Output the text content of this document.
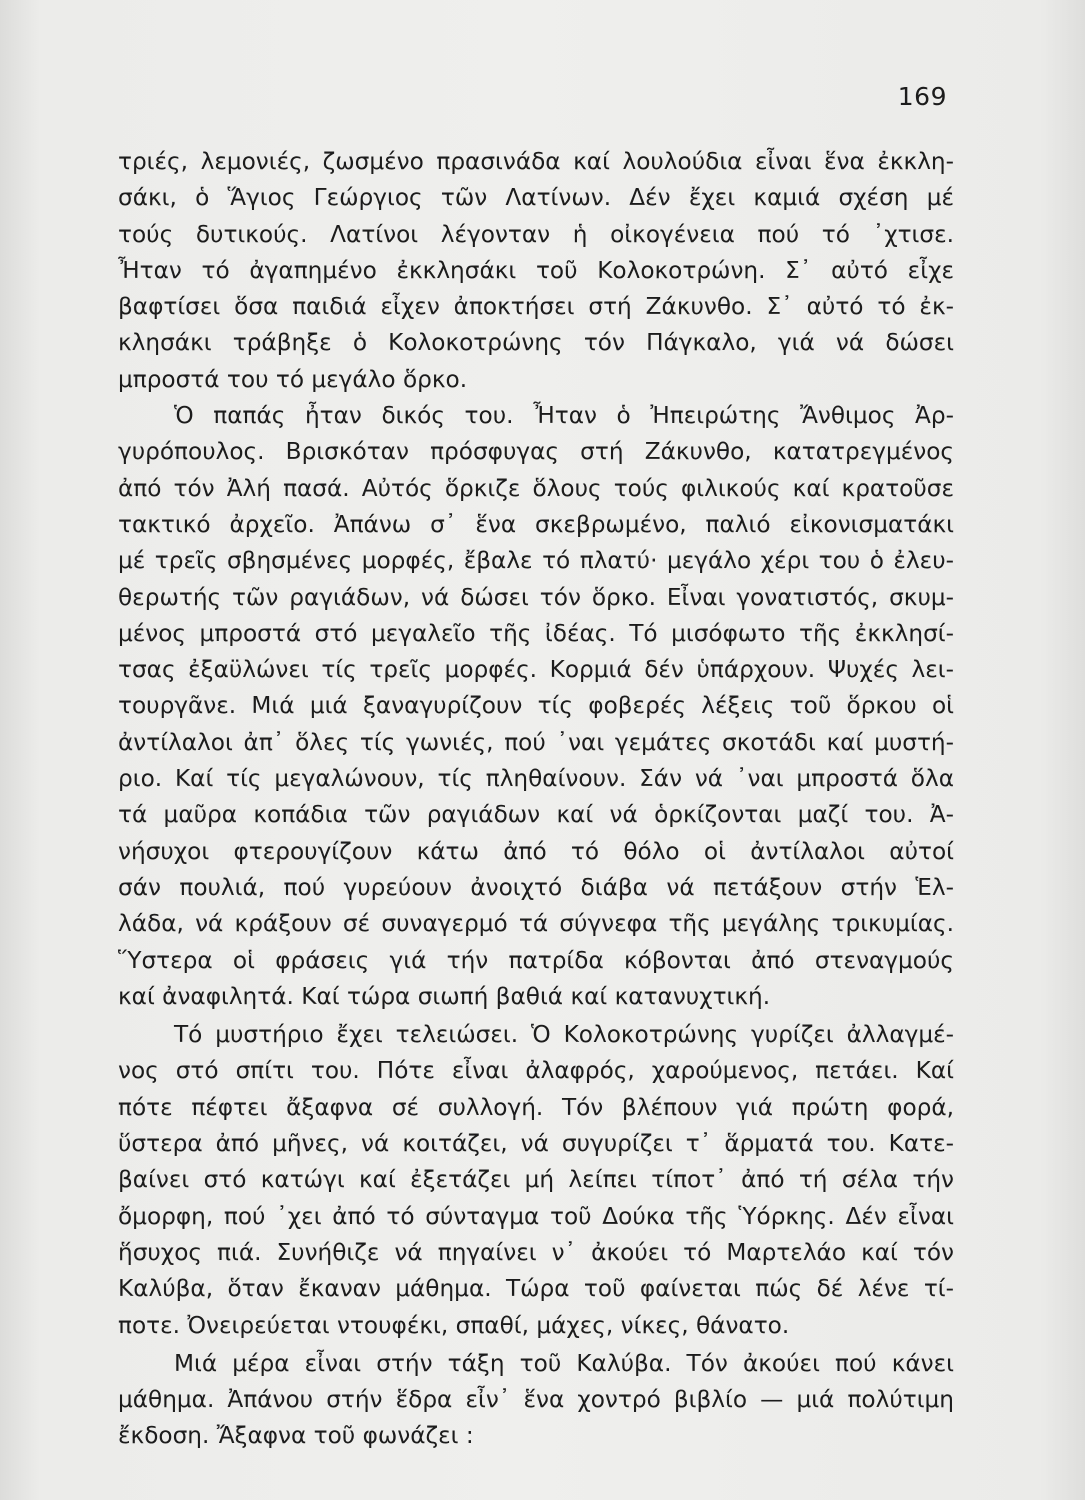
169
τριές, λεμονιές, ζωσμένο πρασινάδα καί λουλούδια εἶναι ἕνα ἐκκλη-
σάκι, ὁ Ἅγιος Γεώργιος τῶν Λατίνων. Δέν ἔχει καμιά σχέση μέ
τούς δυτικούς. Λατίνοι λέγονταν ἡ οἰκογένεια πού τό ᾽χτισε.
Ἦταν τό ἀγαπημένο ἐκκλησάκι τοῦ Κολοκοτρώνη. Σ᾽ αὐτό εἶχε
βαφτίσει ὅσα παιδιά εἶχεν ἀποκτήσει στή Ζάκυνθο. Σ᾽ αὐτό τό ἐκ-
κλησάκι τράβηξε ὁ Κολοκοτρώνης τόν Πάγκαλο, γιά νά δώσει
μπροστά του τό μεγάλο ὅρκο.
Ὁ παπάς ἦταν δικός του. Ἦταν ὁ Ἠπειρώτης Ἄνθιμος Ἀρ-
γυρόπουλος. Βρισκόταν πρόσφυγας στή Ζάκυνθο, κατατρεγμένος
ἀπό τόν Ἀλή πασά. Αὐτός ὅρκιζε ὅλους τούς φιλικούς καί κρατοῦσε
τακτικό ἀρχεῖο. Ἀπάνω σ᾽ ἕνα σκεβρωμένο, παλιό εἰκονισματάκι
μέ τρεῖς σβησμένες μορφές, ἔβαλε τό πλατύ· μεγάλο χέρι του ὁ ἐλευ-
θερωτής τῶν ραγιάδων, νά δώσει τόν ὅρκο. Εἶναι γονατιστός, σκυμ-
μένος μπροστά στό μεγαλεῖο τῆς ἰδέας. Τό μισόφωτο τῆς ἐκκλησί-
τσας ἐξαϋλώνει τίς τρεῖς μορφές. Κορμιά δέν ὑπάρχουν. Ψυχές λει-
τουργᾶνε. Μιά μιά ξαναγυρίζουν τίς φοβερές λέξεις τοῦ ὅρκου οἱ
ἀντίλαλοι ἀπ᾽ ὅλες τίς γωνιές, πού ᾽ναι γεμάτες σκοτάδι καί μυστή-
ριο. Καί τίς μεγαλώνουν, τίς πληθαίνουν. Σάν νά ᾽ναι μπροστά ὅλα
τά μαῦρα κοπάδια τῶν ραγιάδων καί νά ὁρκίζονται μαζί του. Ἀ-
νήσυχοι φτερουγίζουν κάτω ἀπό τό θόλο οἱ ἀντίλαλοι αὐτοί
σάν πουλιά, πού γυρεύουν ἀνοιχτό διάβα νά πετάξουν στήν Ἑλ-
λάδα, νά κράξουν σέ συναγερμό τά σύγνεφα τῆς μεγάλης τρικυμίας.
Ὕστερα οἱ φράσεις γιά τήν πατρίδα κόβονται ἀπό στεναγμούς
καί ἀναφιλητά. Καί τώρα σιωπή βαθιά καί κατανυχτική.
Τό μυστήριο ἔχει τελειώσει. Ὁ Κολοκοτρώνης γυρίζει ἀλλαγμέ-
νος στό σπίτι του. Πότε εἶναι ἀλαφρός, χαρούμενος, πετάει. Καί
πότε πέφτει ἄξαφνα σέ συλλογή. Τόν βλέπουν γιά πρώτη φορά,
ὕστερα ἀπό μῆνες, νά κοιτάζει, νά συγυρίζει τ᾽ ἅρματά του. Κατε-
βαίνει στό κατώγι καί ἐξετάζει μή λείπει τίποτ᾽ ἀπό τή σέλα τήν
ὄμορφη, πού ᾽χει ἀπό τό σύνταγμα τοῦ Δούκα τῆς Ὑόρκης. Δέν εἶναι
ἥσυχος πιά. Συνήθιζε νά πηγαίνει ν᾽ ἀκούει τό Μαρτελάο καί τόν
Καλύβα, ὅταν ἔκαναν μάθημα. Τώρα τοῦ φαίνεται πώς δέ λένε τί-
ποτε. Ὀνειρεύεται ντουφέκι, σπαθί, μάχες, νίκες, θάνατο.
Μιά μέρα εἶναι στήν τάξη τοῦ Καλύβα. Τόν ἀκούει πού κάνει
μάθημα. Ἀπάνου στήν ἕδρα εἶν᾽ ἕνα χοντρό βιβλίο — μιά πολύτιμη
ἔκδοση. Ἄξαφνα τοῦ φωνάζει :
